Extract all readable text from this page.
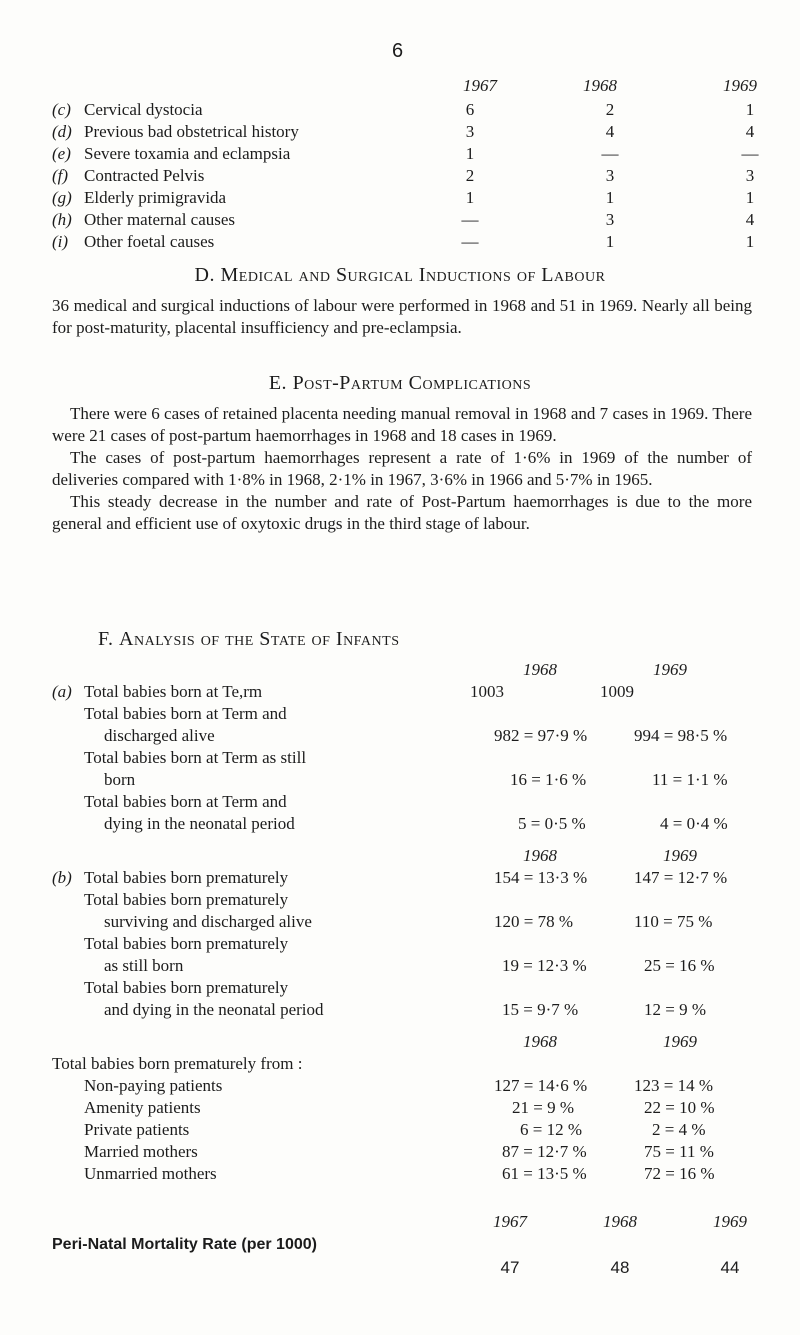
6
1967	1968	1969
(c) Cervical dystocia	6	2	1
(d) Previous bad obstetrical history	3	4	4
(e) Severe toxamia and eclampsia	1	—	—
(f) Contracted Pelvis	2	3	3
(g) Elderly primigravida	1	1	1
(h) Other maternal causes	—	3	4
(i) Other foetal causes	—	1	1
D. Medical and Surgical Inductions of Labour

36 medical and surgical inductions of labour were performed in 1968 and 51 in 1969. Nearly all being for post-maturity, placental insufficiency and pre-eclampsia.

E. Post-Partum Complications

There were 6 cases of retained placenta needing manual removal in 1968 and 7 cases in 1969. There were 21 cases of post-partum haemorrhages in 1968 and 18 cases in 1969.

The cases of post-partum haemorrhages represent a rate of 1·6% in 1969 of the number of deliveries compared with 1·8% in 1968, 2·1% in 1967, 3·6% in 1966 and 5·7% in 1965.

This steady decrease in the number and rate of Post-Partum haemorrhages is due to the more general and efficient use of oxytoxic drugs in the third stage of labour.

F. Analysis of the State of Infants
1968	1969
(a) Total babies born at Te,rm	1003	1009
Total babies born at Term and
discharged alive	982 = 97·9 %	994 = 98·5 %
Total babies born at Term as still
born	16 = 1·6 %	11 = 1·1 %
Total babies born at Term and
dying in the neonatal period	5 = 0·5 %	4 = 0·4 %
1968	1969
(b) Total babies born prematurely	154 = 13·3 %	147 = 12·7 %
Total babies born prematurely
surviving and discharged alive	120 = 78 %	110 = 75 %
Total babies born prematurely
as still born	19 = 12·3 %	25 = 16 %
Total babies born prematurely
and dying in the neonatal period	15 = 9·7 %	12 = 9 %
1968	1969
Total babies born prematurely from :
Non-paying patients	127 = 14·6 %	123 = 14 %
Amenity patients	21 = 9 %	22 = 10 %
Private patients	6 = 12 %	2 = 4 %
Married mothers	87 = 12·7 %	75 = 11 %
Unmarried mothers	61 = 13·5 %	72 = 16 %
1967	1968	1969
Peri-Natal Mortality Rate (per 1000)
47	48	44
